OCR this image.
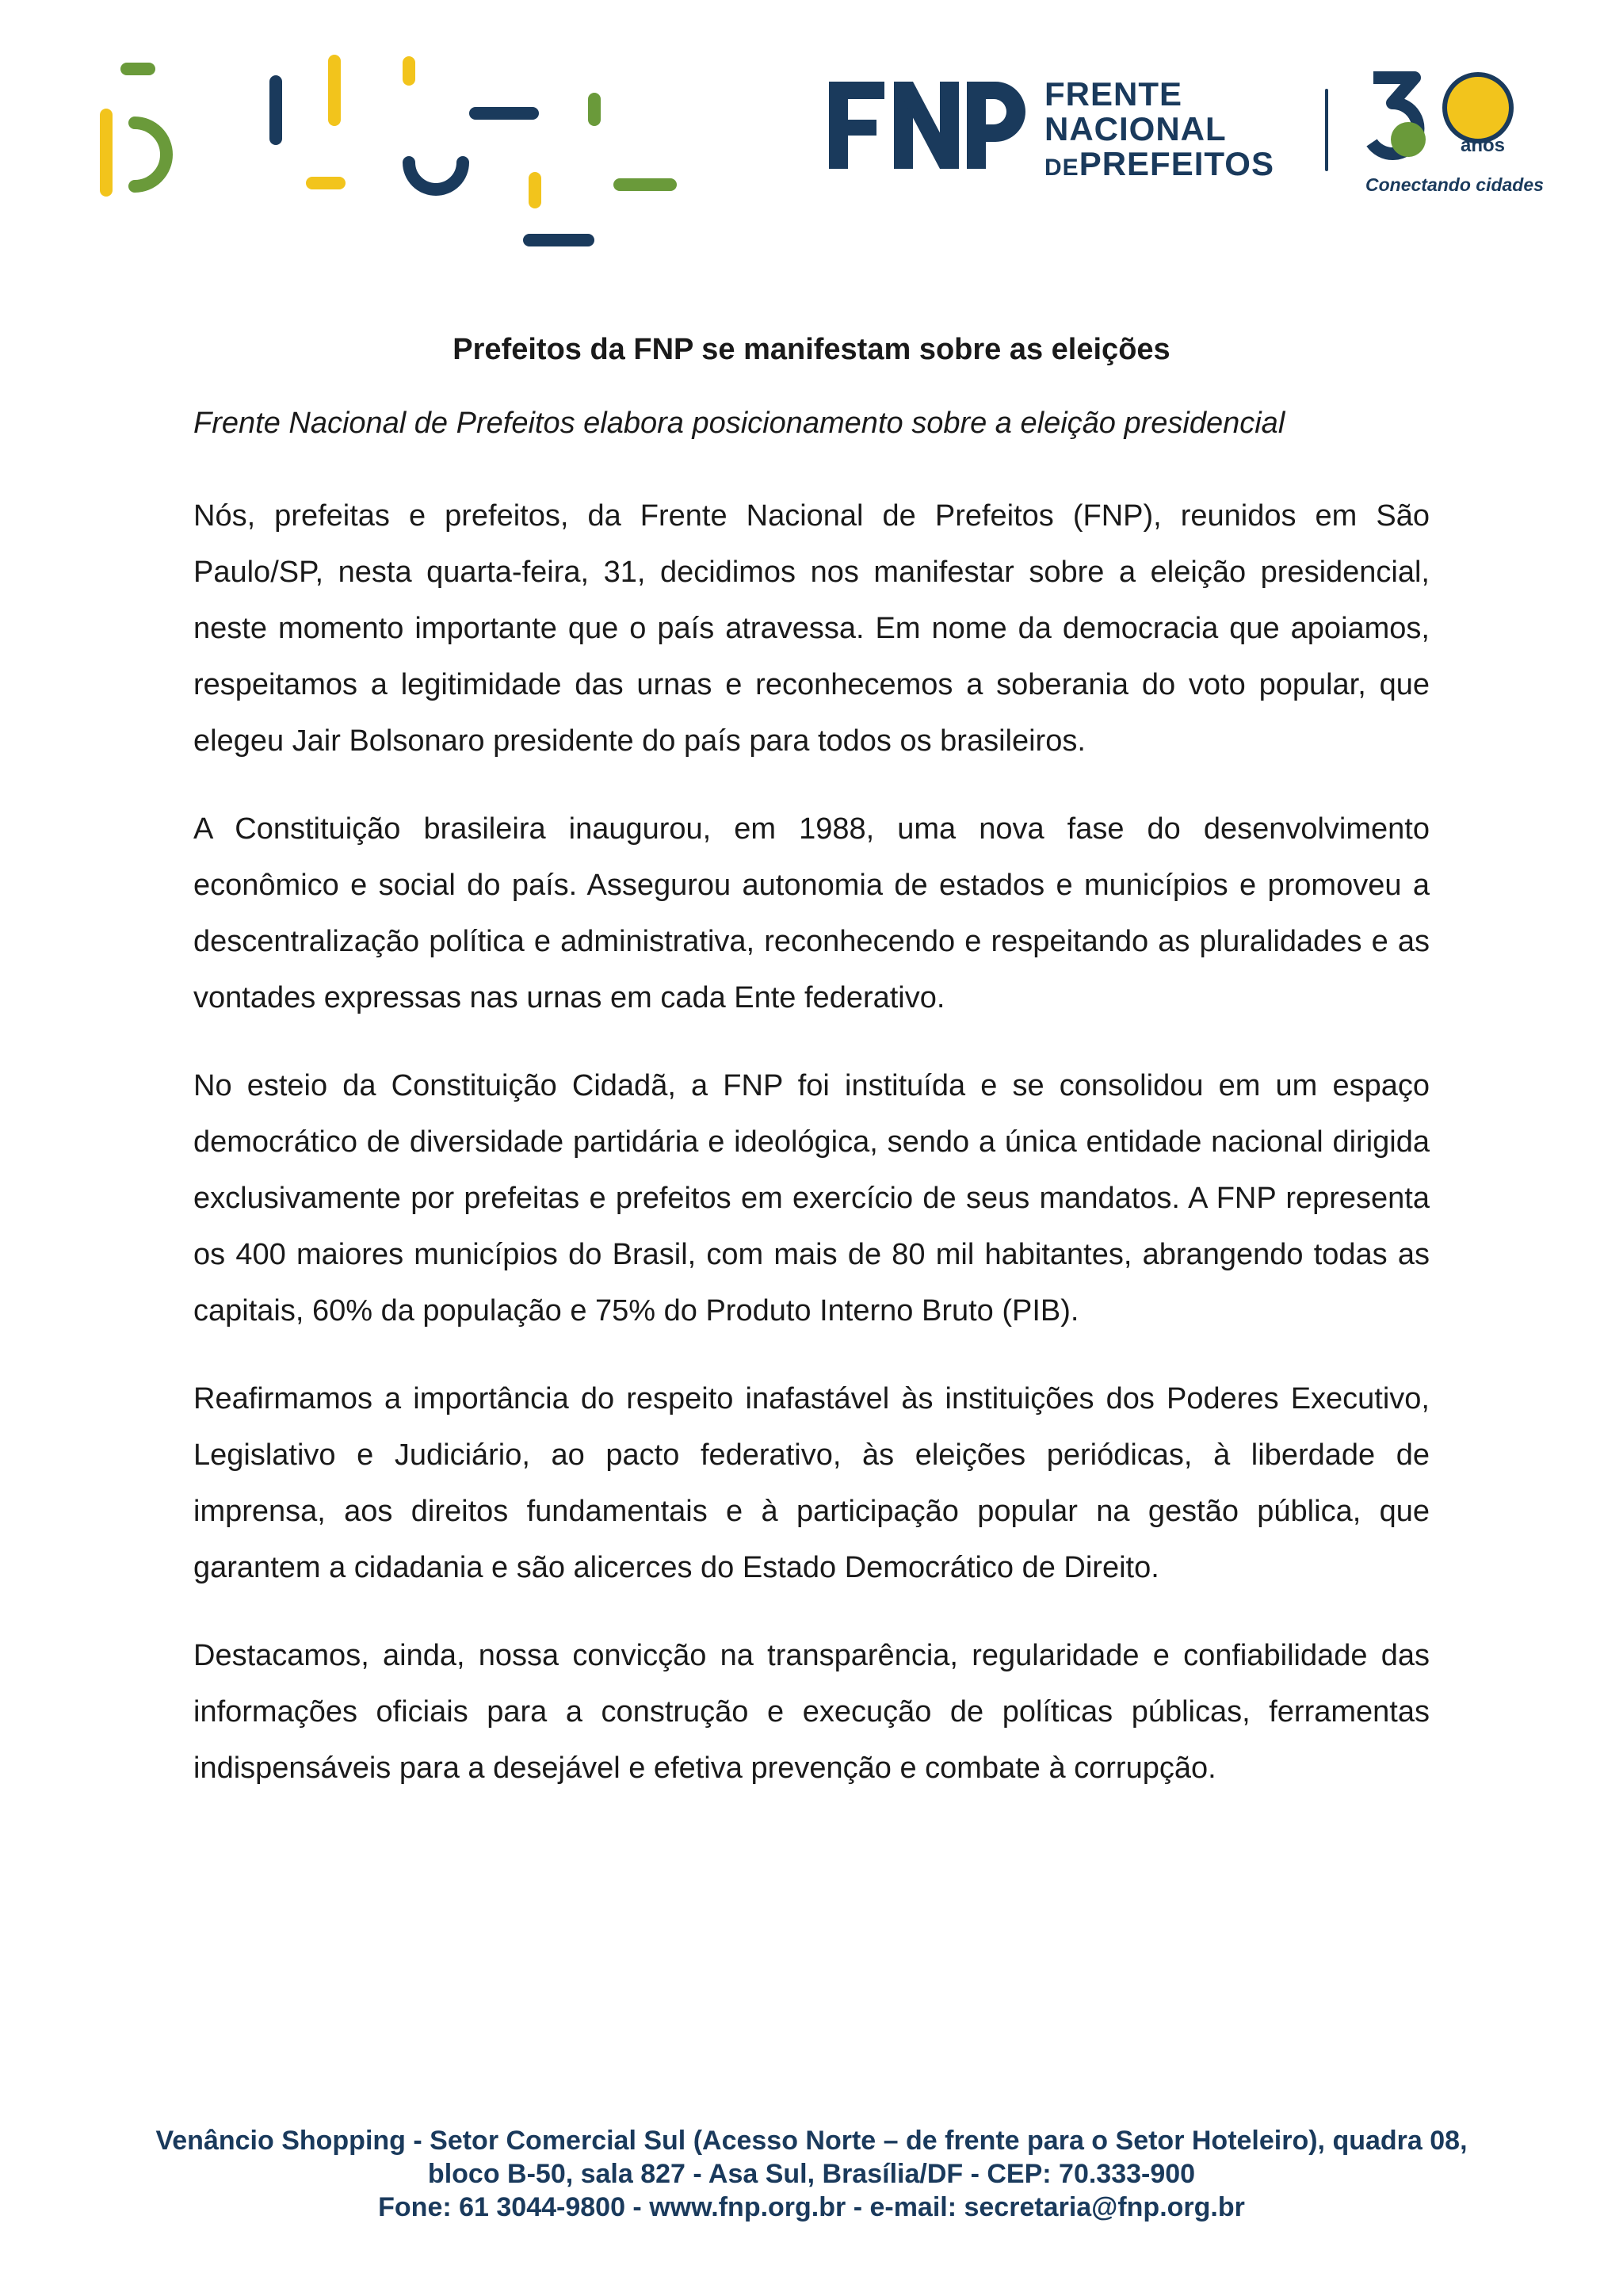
FRENTE
NACIONAL
DEPREFEITOS	anos
Conectando cidades
Prefeitos da FNP se manifestam sobre as eleições

Frente Nacional de Prefeitos elabora posicionamento sobre a eleição presidencial

Nós, prefeitas e prefeitos, da Frente Nacional de Prefeitos (FNP), reunidos em São Paulo/SP, nesta quarta-feira, 31, decidimos nos manifestar sobre a eleição presidencial, neste momento importante que o país atravessa. Em nome da democracia que apoiamos, respeitamos a legitimidade das urnas e reconhecemos a soberania do voto popular, que elegeu Jair Bolsonaro presidente do país para todos os brasileiros.

A Constituição brasileira inaugurou, em 1988, uma nova fase do desenvolvimento econômico e social do país. Assegurou autonomia de estados e municípios e promoveu a descentralização política e administrativa, reconhecendo e respeitando as pluralidades e as vontades expressas nas urnas em cada Ente federativo.

No esteio da Constituição Cidadã, a FNP foi instituída e se consolidou em um espaço democrático de diversidade partidária e ideológica, sendo a única entidade nacional dirigida exclusivamente por prefeitas e prefeitos em exercício de seus mandatos. A FNP representa os 400 maiores municípios do Brasil, com mais de 80 mil habitantes, abrangendo todas as capitais, 60% da população e 75% do Produto Interno Bruto (PIB).

Reafirmamos a importância do respeito inafastável às instituições dos Poderes Executivo, Legislativo e Judiciário, ao pacto federativo, às eleições periódicas, à liberdade de imprensa, aos direitos fundamentais e à participação popular na gestão pública, que garantem a cidadania e são alicerces do Estado Democrático de Direito.

Destacamos, ainda, nossa convicção na transparência, regularidade e confiabilidade das informações oficiais para a construção e execução de políticas públicas, ferramentas indispensáveis para a desejável e efetiva prevenção e combate à corrupção.

Venâncio Shopping - Setor Comercial Sul (Acesso Norte – de frente para o Setor Hoteleiro), quadra 08,
bloco B-50, sala 827 - Asa Sul, Brasília/DF - CEP: 70.333-900
Fone: 61 3044-9800 - www.fnp.org.br - e-mail: secretaria@fnp.org.br
